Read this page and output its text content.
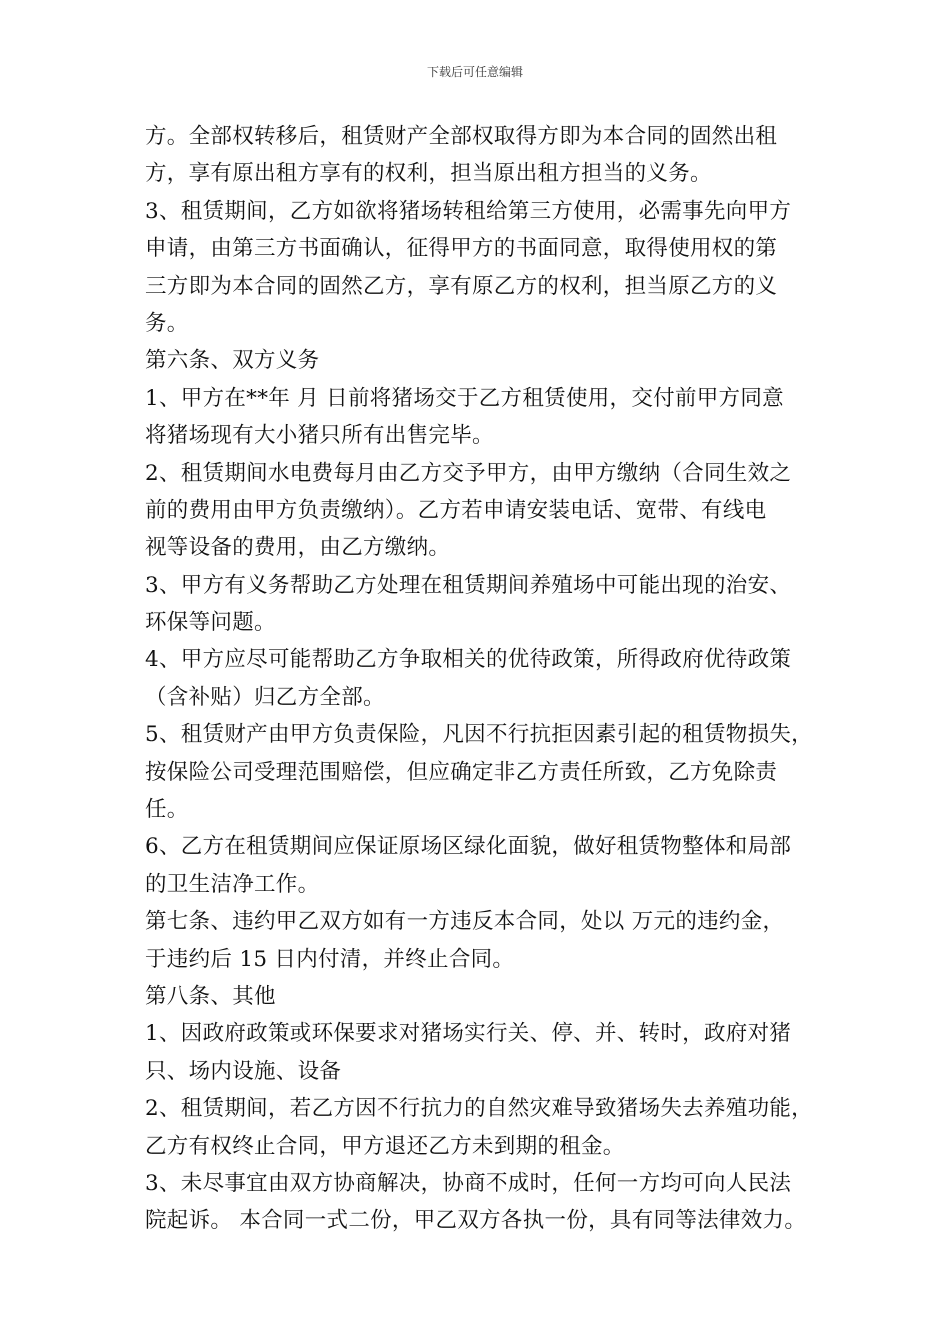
下载后可任意编辑
方。全部权转移后，租赁财产全部权取得方即为本合同的固然出租
方，享有原出租方享有的权利，担当原出租方担当的义务。
3、租赁期间，乙方如欲将猪场转租给第三方使用，必需事先向甲方
申请，由第三方书面确认，征得甲方的书面同意，取得使用权的第
三方即为本合同的固然乙方，享有原乙方的权利，担当原乙方的义
务。
第六条、双方义务
1、甲方在**年 月 日前将猪场交于乙方租赁使用，交付前甲方同意
将猪场现有大小猪只所有出售完毕。
2、租赁期间水电费每月由乙方交予甲方，由甲方缴纳（合同生效之
前的费用由甲方负责缴纳）。乙方若申请安装电话、宽带、有线电
视等设备的费用，由乙方缴纳。
3、甲方有义务帮助乙方处理在租赁期间养殖场中可能出现的治安、
环保等问题。
4、甲方应尽可能帮助乙方争取相关的优待政策，所得政府优待政策
（含补贴）归乙方全部。
5、租赁财产由甲方负责保险，凡因不行抗拒因素引起的租赁物损失，
按保险公司受理范围赔偿，但应确定非乙方责任所致，乙方免除责
任。
6、乙方在租赁期间应保证原场区绿化面貌，做好租赁物整体和局部
的卫生洁净工作。
第七条、违约甲乙双方如有一方违反本合同，处以 万元的违约金，
于违约后 15 日内付清，并终止合同。
第八条、其他
1、因政府政策或环保要求对猪场实行关、停、并、转时，政府对猪
只、场内设施、设备
2、租赁期间，若乙方因不行抗力的自然灾难导致猪场失去养殖功能，
乙方有权终止合同，甲方退还乙方未到期的租金。
3、未尽事宜由双方协商解决，协商不成时，任何一方均可向人民法
院起诉。 本合同一式二份，甲乙双方各执一份，具有同等法律效力。
